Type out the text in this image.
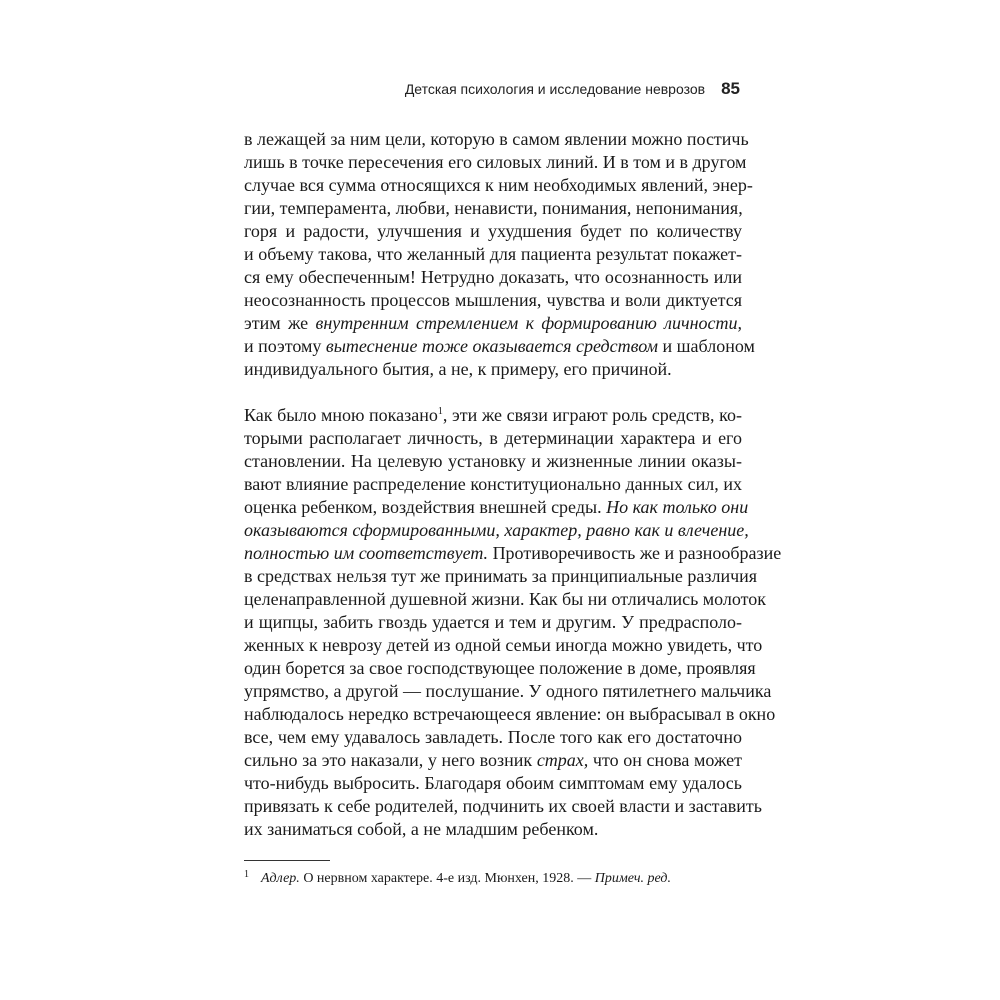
Детская психология и исследование неврозов 85

в лежащей за ним цели, которую в самом явлении можно постичь
лишь в точке пересечения его силовых линий. И в том и в другом
случае вся сумма относящихся к ним необходимых явлений, энер-
гии, темперамента, любви, ненависти, понимания, непонимания,
горя и радости, улучшения и ухудшения будет по количеству
и объему такова, что желанный для пациента результат покажет-
ся ему обеспеченным! Нетрудно доказать, что осознанность или
неосознанность процессов мышления, чувства и воли диктуется
этим же внутренним стремлением к формированию личности,
и поэтому вытеснение тоже оказывается средством и шаблоном
индивидуального бытия, а не, к примеру, его причиной.

Как было мною показано$^1$, эти же связи играют роль средств, ко-
торыми располагает личность, в детерминации характера и его
становлении. На целевую установку и жизненные линии оказы-
вают влияние распределение конституционально данных сил, их
оценка ребенком, воздействия внешней среды. Но как только они
оказываются сформированными, характер, равно как и влечение,
полностью им соответствует. Противоречивость же и разнообразие
в средствах нельзя тут же принимать за принципиальные различия
целенаправленной душевной жизни. Как бы ни отличались молоток
и щипцы, забить гвоздь удается и тем и другим. У предрасполо-
женных к неврозу детей из одной семьи иногда можно увидеть, что
один борется за свое господствующее положение в доме, проявляя
упрямство, а другой — послушание. У одного пятилетнего мальчика
наблюдалось нередко встречающееся явление: он выбрасывал в окно
все, чем ему удавалось завладеть. После того как его достаточно
сильно за это наказали, у него возник страх, что он снова может
что-нибудь выбросить. Благодаря обоим симптомам ему удалось
привязать к себе родителей, подчинить их своей власти и заставить
их заниматься собой, а не младшим ребенком.

$^1$ Адлер. О нервном характере. 4-е изд. Мюнхен, 1928. — Примеч. ред.
